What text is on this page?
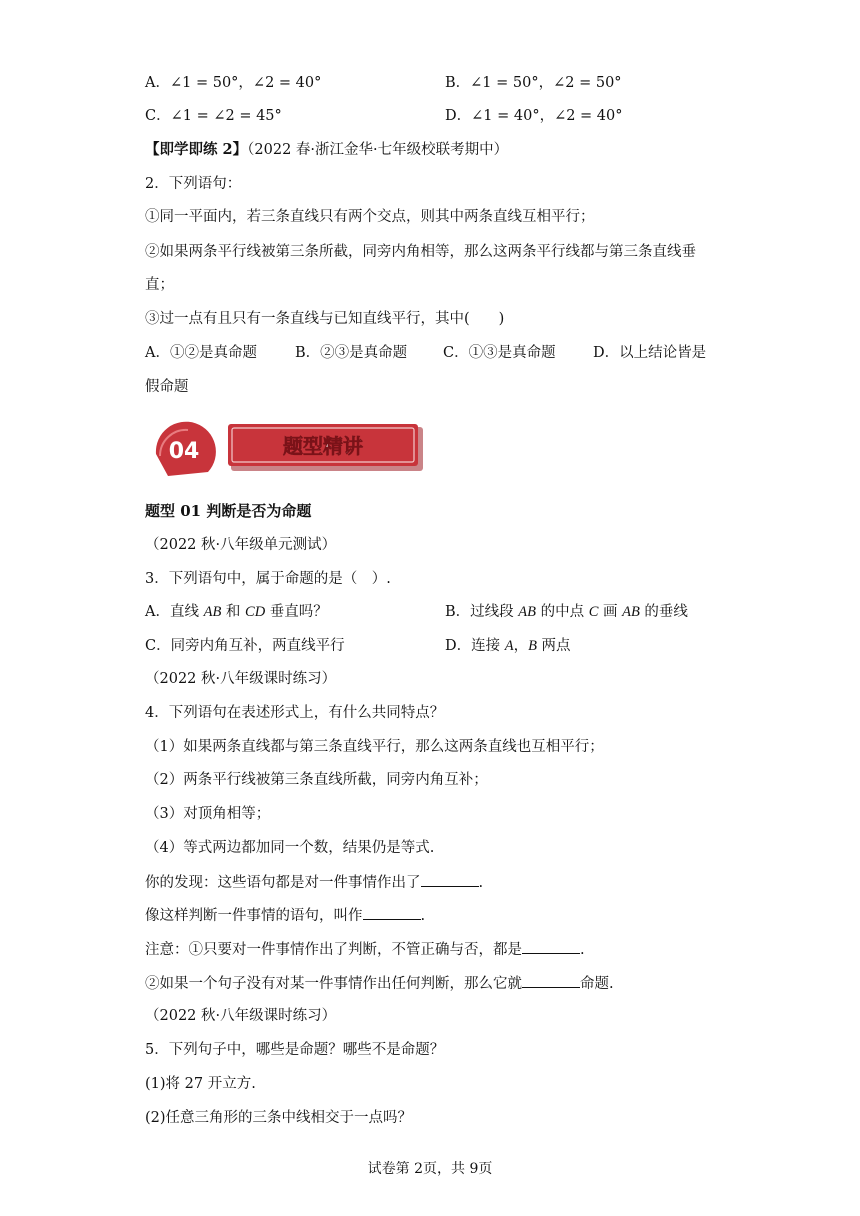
A．∠1 = 50°，∠2 = 40°	B．∠1 = 50°，∠2 = 50°
C．∠1 = ∠2 = 45°	D．∠1 = 40°，∠2 = 40°
【即学即练 2】（2022 春·浙江金华·七年级校联考期中）
2．下列语句：
①同一平面内，若三条直线只有两个交点，则其中两条直线互相平行；
②如果两条平行线被第三条所截，同旁内角相等，那么这两条平行线都与第三条直线垂
直；
③过一点有且只有一条直线与已知直线平行，其中(　　)
A．①②是真命题	B．②③是真命题 C．①③是真命题	D．以上结论皆是
假命题
04	题型精讲
题型 01 判断是否为命题
（2022 秋·八年级单元测试）
3．下列语句中，属于命题的是（　）.
A．直线 AB 和 CD 垂直吗？	B．过线段 AB 的中点 C 画 AB 的垂线
C．同旁内角互补，两直线平行	D．连接 A，B 两点
（2022 秋·八年级课时练习）
4．下列语句在表述形式上，有什么共同特点？
（1）如果两条直线都与第三条直线平行，那么这两条直线也互相平行；
（2）两条平行线被第三条直线所截，同旁内角互补；
（3）对顶角相等；
（4）等式两边都加同一个数，结果仍是等式.
你的发现：这些语句都是对一件事情作出了	.
像这样判断一件事情的语句，叫作	.
注意：①只要对一件事情作出了判断，不管正确与否，都是	.
②如果一个句子没有对某一件事情作出任何判断，那么它就	命题.
（2022 秋·八年级课时练习）
5．下列句子中，哪些是命题？哪些不是命题？
(1)将 27 开立方.
(2)任意三角形的三条中线相交于一点吗？
试卷第 2页，共 9页
